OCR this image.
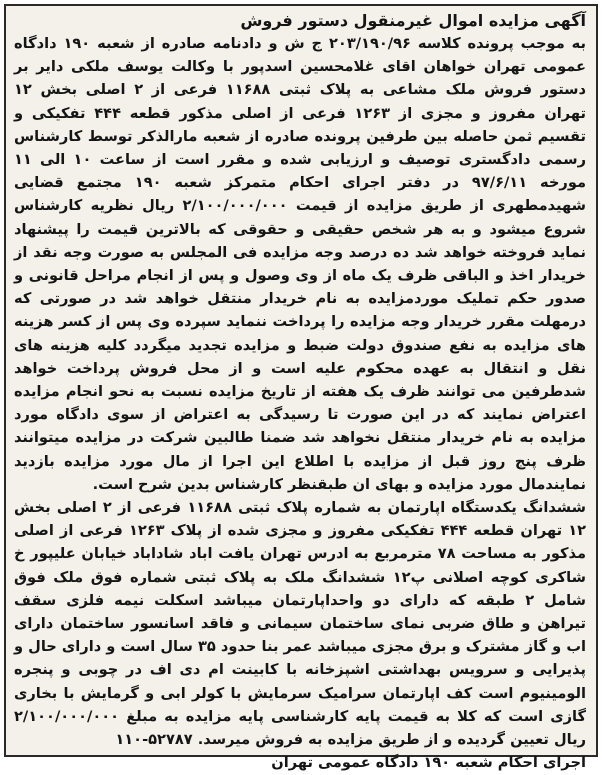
آگهی مزایده اموال غیرمنقول دستور فروش

به موجب پرونده کلاسه ۲۰۳/۱۹۰/۹۶ ج ش و دادنامه صادره از شعبه ۱۹۰ دادگاه عمومی تهران خواهان اقای غلامحسین اسدپور با وکالت یوسف ملکی دایر بر دستور فروش ملک مشاعی به پلاک ثبتی ۱۱۶۸۸ فرعی از ۲ اصلی بخش ۱۲ تهران مفروز و مجزی از ۱۲۶۳ فرعی از اصلی مذکور قطعه ۴۴۴ تفکیکی و تقسیم ثمن حاصله بین طرفین پرونده صادره از شعبه مارالذکر توسط کارشناس رسمی دادگستری توصیف و ارزیابی شده و مقرر است از ساعت ۱۰ الی ۱۱ مورخه ۹۷/۶/۱۱ در دفتر اجرای احکام متمرکز شعبه ۱۹۰ مجتمع قضایی شهیدمطهری از طریق مزایده از قیمت ۲/۱۰۰/۰۰۰/۰۰۰ ریال نظریه کارشناس شروع میشود و به هر شخص حقیقی و حقوقی که بالاترین قیمت را پیشنهاد نماید فروخته خواهد شد ده درصد وجه مزایده فی المجلس به صورت وجه نقد از خریدار اخذ و الباقی ظرف یک ماه از وی وصول و پس از انجام مراحل قانونی و صدور حکم تملیک موردمزایده به نام خریدار منتقل خواهد شد در صورتی که درمهلت مقرر خریدار وجه مزایده را پرداخت ننماید سپرده وی پس از کسر هزینه های مزایده به نفع صندوق دولت ضبط و مزایده تجدید میگردد کلیه هزینه های نقل و انتقال به عهده محکوم علیه است و از محل فروش پرداخت خواهد شدطرفین می توانند ظرف یک هفته از تاریخ مزایده نسبت به نحو انجام مزایده اعتراض نمایند که در این صورت تا رسیدگی به اعتراض از سوی دادگاه مورد مزایده به نام خریدار منتقل نخواهد شد ضمنا طالبین شرکت در مزایده میتوانند ظرف پنج روز قبل از مزایده با اطلاع این اجرا از مال مورد مزایده بازدید نمایندمال مورد مزایده و بهای ان طبقنظر کارشناس بدین شرح است.

ششدانگ یکدستگاه اپارتمان به شماره پلاک ثبتی ۱۱۶۸۸ فرعی از ۲ اصلی بخش ۱۲ تهران قطعه ۴۴۴ تفکیکی مفروز و مجزی شده از پلاک ۱۲۶۳ فرعی از اصلی مذکور به مساحت ۷۸ مترمربع به ادرس تهران یافت اباد شاداباد خیابان علیپور خ شاکری کوچه اصلانی پ۱۲ ششدانگ ملک به پلاک ثبتی شماره فوق ملک فوق شامل ۲ طبقه که دارای دو واحداپارتمان میباشد اسکلت نیمه فلزی سقف تیراهن و طاق ضربی نمای ساختمان سیمانی و فاقد اسانسور ساختمان دارای اب و گاز مشترک و برق مجزی میباشد عمر بنا حدود ۳۵ سال است و دارای حال و پذیرایی و سرویس بهداشتی اشپزخانه با کابینت ام دی اف در چوبی و پنجره الومینیوم است کف اپارتمان سرامیک سرمایش با کولر ابی و گرمایش با بخاری گازی است که کلا به قیمت پایه کارشناسی پایه مزایده به مبلغ ۲/۱۰۰/۰۰۰/۰۰۰ ریال تعیین گردیده و از طریق مزایده به فروش میرسد. ۵۲۷۸۷-۱۱۰

اجرای احکام شعبه ۱۹۰ دادگاه عمومی تهران
